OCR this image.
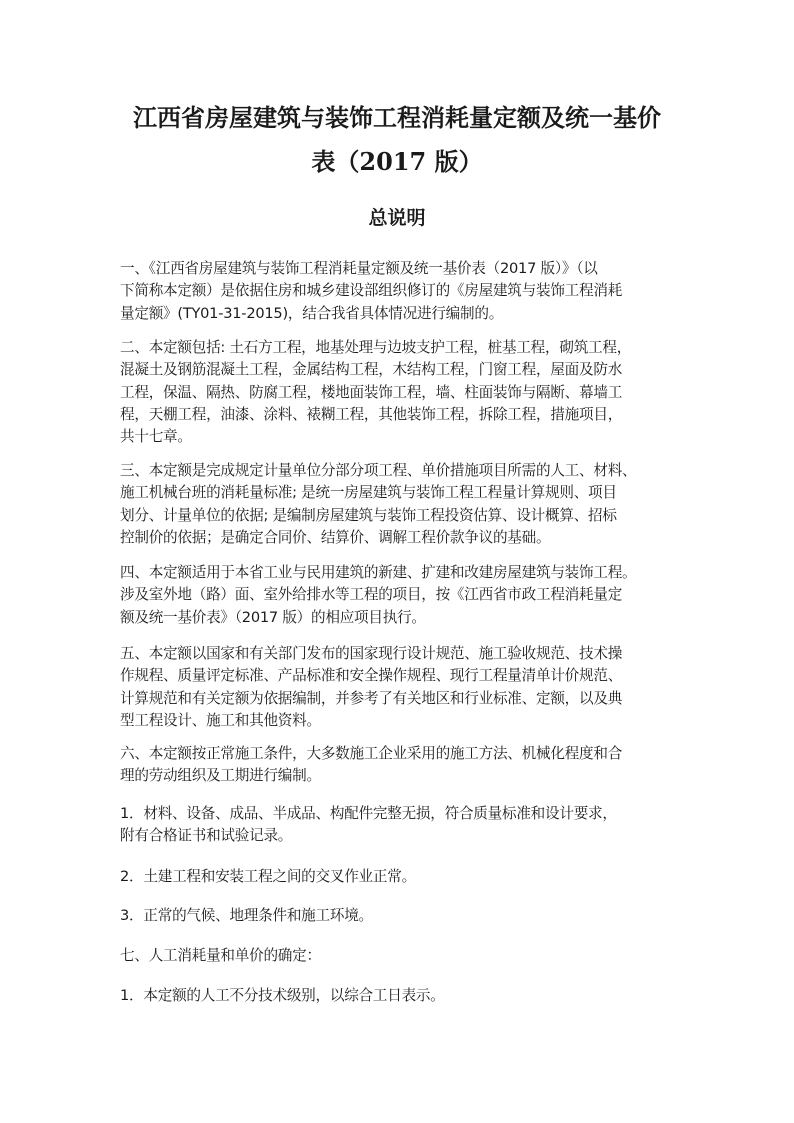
江西省房屋建筑与装饰工程消耗量定额及统一基价
表（2017 版）
总说明

一、《江西省房屋建筑与装饰工程消耗量定额及统一基价表（2017 版）》（以
下简称本定额）是依据住房和城乡建设部组织修订的《房屋建筑与装饰工程消耗
量定额》(TY01-31-2015)，结合我省具体情况进行编制的。

二、本定额包括: 土石方工程，地基处理与边坡支护工程，桩基工程，砌筑工程，
混凝土及钢筋混凝土工程，金属结构工程，木结构工程，门窗工程，屋面及防水
工程，保温、隔热、防腐工程，楼地面装饰工程，墙、柱面装饰与隔断、幕墙工
程，天棚工程，油漆、涂料、裱糊工程，其他装饰工程，拆除工程，措施项目，
共十七章。

三、本定额是完成规定计量单位分部分项工程、单价措施项目所需的人工、材料、
施工机械台班的消耗量标准; 是统一房屋建筑与装饰工程工程量计算规则、项目
划分、计量单位的依据; 是编制房屋建筑与装饰工程投资估算、设计概算、招标
控制价的依据；是确定合同价、结算价、调解工程价款争议的基础。

四、本定额适用于本省工业与民用建筑的新建、扩建和改建房屋建筑与装饰工程。
涉及室外地（路）面、室外给排水等工程的项目，按《江西省市政工程消耗量定
额及统一基价表》（2017 版）的相应项目执行。

五、本定额以国家和有关部门发布的国家现行设计规范、施工验收规范、技术操
作规程、质量评定标准、产品标准和安全操作规程、现行工程量清单计价规范、
计算规范和有关定额为依据编制，并参考了有关地区和行业标准、定额，以及典
型工程设计、施工和其他资料。

六、本定额按正常施工条件，大多数施工企业采用的施工方法、机械化程度和合
理的劳动组织及工期进行编制。

1．材料、设备、成品、半成品、构配件完整无损，符合质量标准和设计要求，
附有合格证书和试验记录。

2．土建工程和安装工程之间的交叉作业正常。

3．正常的气候、地理条件和施工环境。

七、人工消耗量和单价的确定：

1．本定额的人工不分技术级别，以综合工日表示。
